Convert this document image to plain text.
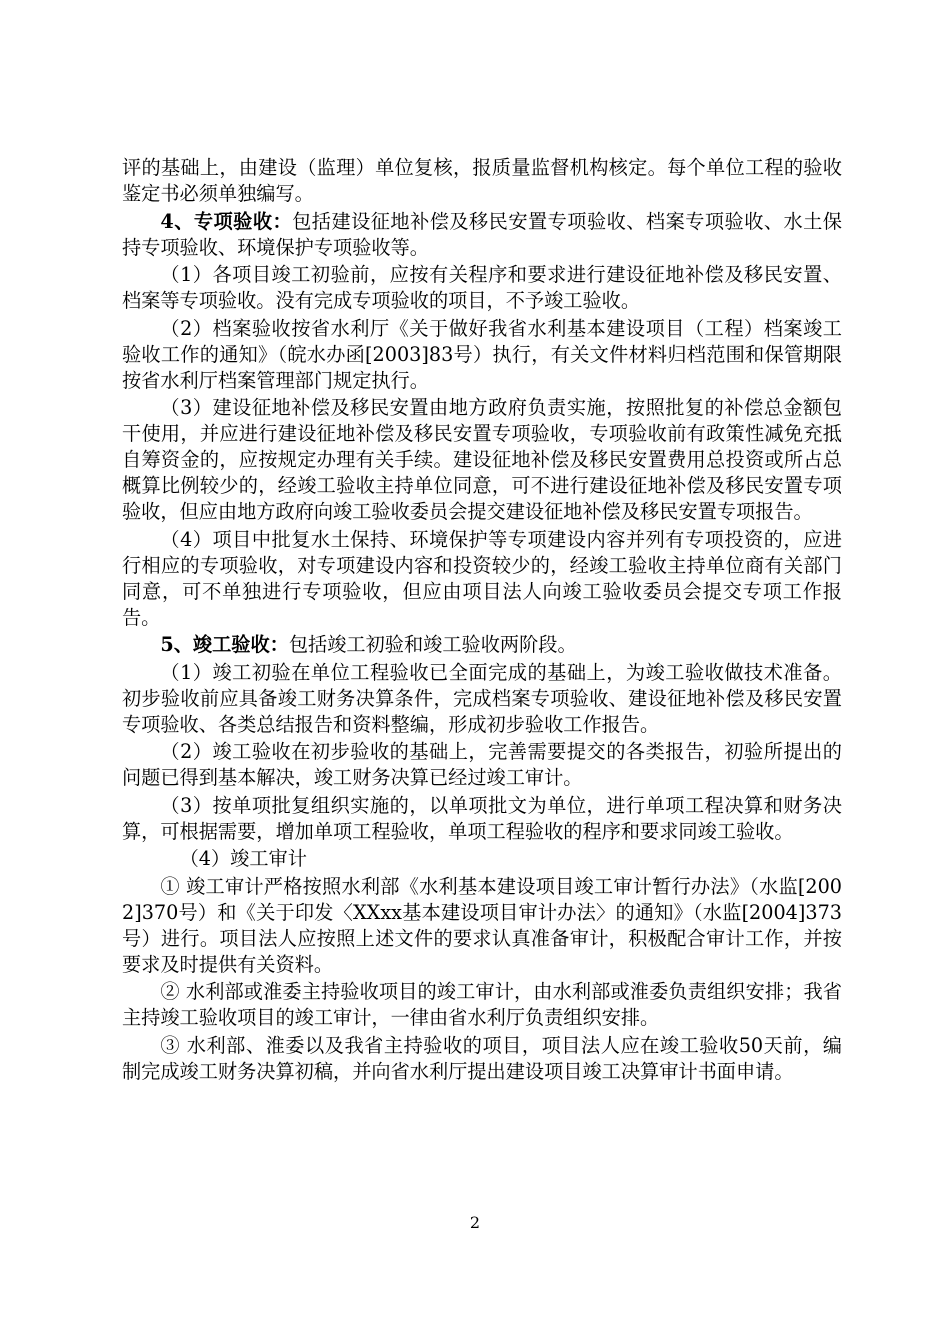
评的基础上，由建设（监理）单位复核，报质量监督机构核定。每个单位工程的验收鉴定书必须单独编写。

4、专项验收：包括建设征地补偿及移民安置专项验收、档案专项验收、水土保持专项验收、环境保护专项验收等。

（1）各项目竣工初验前，应按有关程序和要求进行建设征地补偿及移民安置、档案等专项验收。没有完成专项验收的项目，不予竣工验收。

（2）档案验收按省水利厅《关于做好我省水利基本建设项目（工程）档案竣工验收工作的通知》（皖水办函[2003]83号）执行，有关文件材料归档范围和保管期限按省水利厅档案管理部门规定执行。

（3）建设征地补偿及移民安置由地方政府负责实施，按照批复的补偿总金额包干使用，并应进行建设征地补偿及移民安置专项验收，专项验收前有政策性减免充抵自筹资金的，应按规定办理有关手续。建设征地补偿及移民安置费用总投资或所占总概算比例较少的，经竣工验收主持单位同意，可不进行建设征地补偿及移民安置专项验收，但应由地方政府向竣工验收委员会提交建设征地补偿及移民安置专项报告。

（4）项目中批复水土保持、环境保护等专项建设内容并列有专项投资的，应进行相应的专项验收，对专项建设内容和投资较少的，经竣工验收主持单位商有关部门同意，可不单独进行专项验收，但应由项目法人向竣工验收委员会提交专项工作报告。

5、竣工验收：包括竣工初验和竣工验收两阶段。

（1）竣工初验在单位工程验收已全面完成的基础上，为竣工验收做技术准备。初步验收前应具备竣工财务决算条件，完成档案专项验收、建设征地补偿及移民安置专项验收、各类总结报告和资料整编，形成初步验收工作报告。

（2）竣工验收在初步验收的基础上，完善需要提交的各类报告，初验所提出的问题已得到基本解决，竣工财务决算已经过竣工审计。

（3）按单项批复组织实施的，以单项批文为单位，进行单项工程决算和财务决算，可根据需要，增加单项工程验收，单项工程验收的程序和要求同竣工验收。

（4）竣工审计

① 竣工审计严格按照水利部《水利基本建设项目竣工审计暂行办法》（水监[2002]370号）和《关于印发〈XXxx基本建设项目审计办法〉的通知》（水监[2004]373号）进行。项目法人应按照上述文件的要求认真准备审计，积极配合审计工作，并按要求及时提供有关资料。

② 水利部或淮委主持验收项目的竣工审计，由水利部或淮委负责组织安排；我省主持竣工验收项目的竣工审计，一律由省水利厅负责组织安排。

③ 水利部、淮委以及我省主持验收的项目，项目法人应在竣工验收50天前，编制完成竣工财务决算初稿，并向省水利厅提出建设项目竣工决算审计书面申请。

2
